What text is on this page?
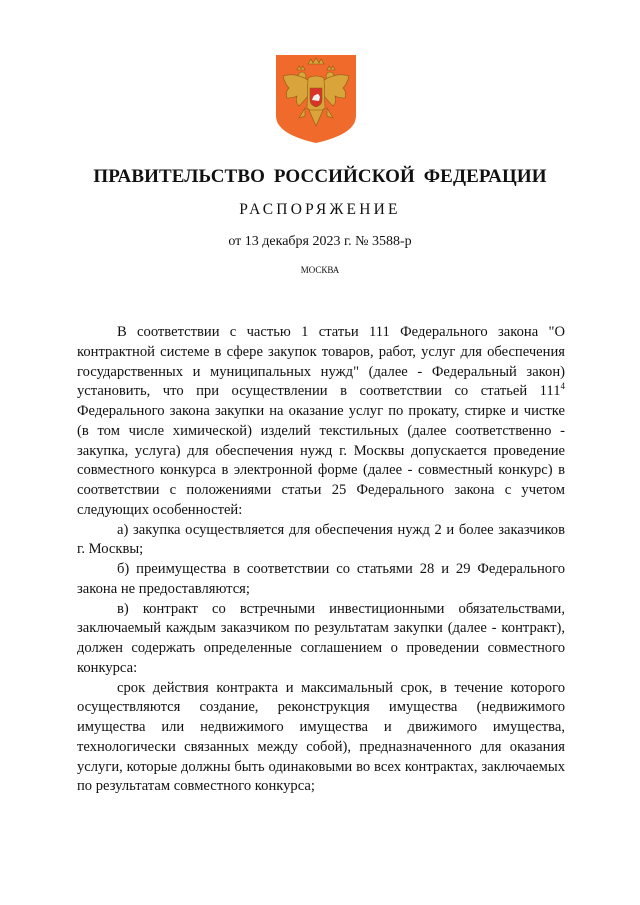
ПРАВИТЕЛЬСТВО РОССИЙСКОЙ ФЕДЕРАЦИИ
РАСПОРЯЖЕНИЕ
от 13 декабря 2023 г. № 3588-р
МОСКВА

В соответствии с частью 1 статьи 111 Федерального закона "О контрактной системе в сфере закупок товаров, работ, услуг для обеспечения государственных и муниципальных нужд" (далее - Федеральный закон) установить, что при осуществлении в соответствии со статьей $111^4$ Федерального закона закупки на оказание услуг по прокату, стирке и чистке (в том числе химической) изделий текстильных (далее соответственно - закупка, услуга) для обеспечения нужд г. Москвы допускается проведение совместного конкурса в электронной форме (далее - совместный конкурс) в соответствии с положениями статьи 25 Федерального закона с учетом следующих особенностей:

а) закупка осуществляется для обеспечения нужд 2 и более заказчиков г. Москвы;

б) преимущества в соответствии со статьями 28 и 29 Федерального закона не предоставляются;

в) контракт со встречными инвестиционными обязательствами, заключаемый каждым заказчиком по результатам закупки (далее - контракт), должен содержать определенные соглашением о проведении совместного конкурса:

срок действия контракта и максимальный срок, в течение которого осуществляются создание, реконструкция имущества (недвижимого имущества или недвижимого имущества и движимого имущества, технологически связанных между собой), предназначенного для оказания услуги, которые должны быть одинаковыми во всех контрактах, заключаемых по результатам совместного конкурса;
